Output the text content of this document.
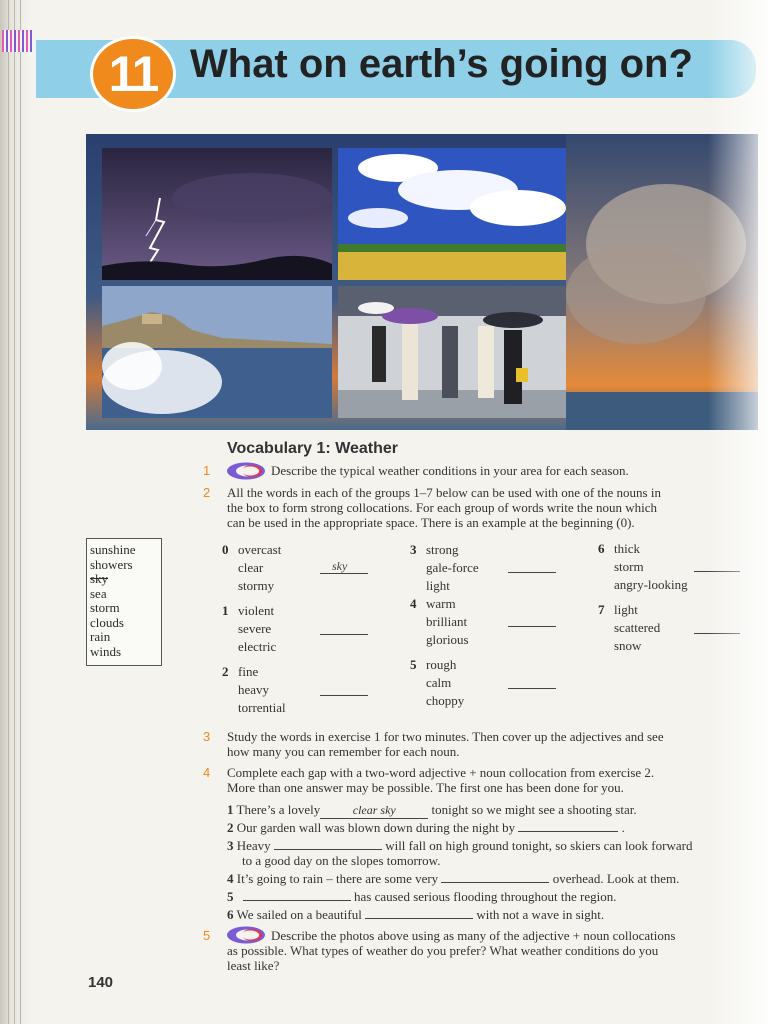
11 What on earth’s going on?
Vocabulary 1: Weather
1	Describe the typical weather conditions in your area for each season.
2 All the words in each of the groups 1–7 below can be used with one of the nouns in
the box to form strong collocations. For each group of words write the noun which
can be used in the appropriate space. There is an example at the beginning (0).
sunshine
showers
sky
sea
storm
clouds
rain
winds
0 overcast
clear
stormy
sky
1 violent
severe
electric
2 fine
heavy
torrential
3 strong
gale-force
light
4 warm
brilliant
glorious
5 rough
calm
choppy
6 thick
storm
angry-looking
7 light
scattered
snow
3 Study the words in exercise 1 for two minutes. Then cover up the adjectives and see
how many you can remember for each noun.
4 Complete each gap with a two-word adjective + noun collocation from exercise 2.
More than one answer may be possible. The first one has been done for you.
1 There’s a lovely	clear sky	tonight so we might see a shooting star.
2 Our garden wall was blown down during the night by	.
3 Heavy	will fall on high ground tonight, so skiers can look forward
to a good day on the slopes tomorrow.
4 It’s going to rain – there are some very	overhead. Look at them.
5	has caused serious flooding throughout the region.
6 We sailed on a beautiful	with not a wave in sight.
5	Describe the photos above using as many of the adjective + noun collocations
as possible. What types of weather do you prefer? What weather conditions do you
least like?
140
